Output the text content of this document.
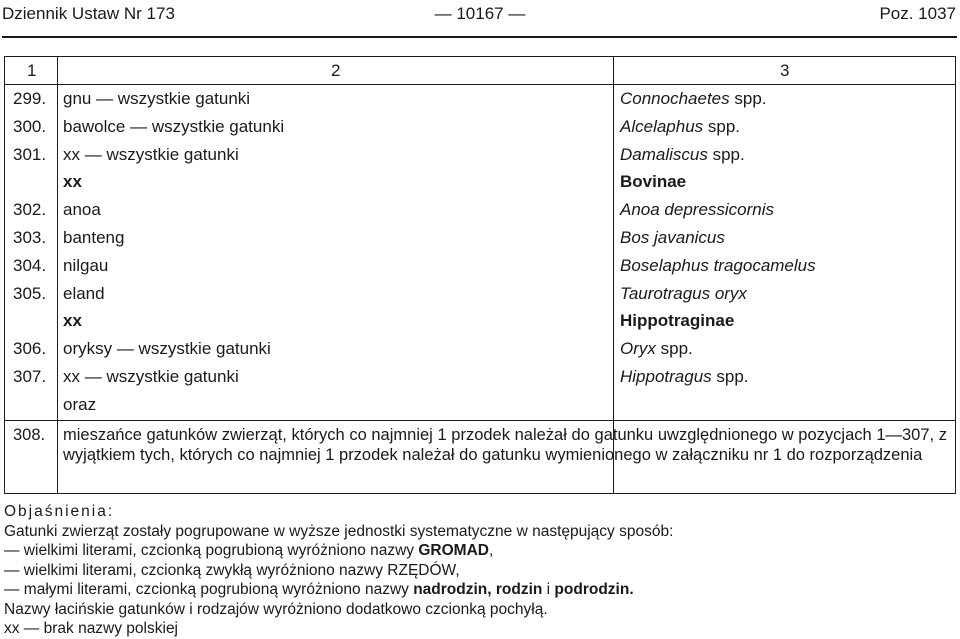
Dziennik Ustaw Nr 173	— 10167 —	Poz. 1037
1	2	3
299. gnu — wszystkie gatunki	Connochaetes spp.
300. bawolce — wszystkie gatunki	Alcelaphus spp.
301. xx — wszystkie gatunki	Damaliscus spp.
xx	Bovinae
302. anoa	Anoa depressicornis
303. banteng	Bos javanicus
304. nilgau	Boselaphus tragocamelus
305. eland	Taurotragus oryx
xx	Hippotraginae
306. oryksy — wszystkie gatunki	Oryx spp.
307. xx — wszystkie gatunki	Hippotragus spp.
oraz
308. mieszańce gatunków zwierząt, których co najmniej 1 przodek należał do gatunku uwzględnionego w pozycjach 1—307, z wyjątkiem tych, których co najmniej 1 przodek należał do gatunku wymienionego w załączniku nr 1 do rozporządzenia
Objaśnienia:
Gatunki zwierząt zostały pogrupowane w wyższe jednostki systematyczne w następujący sposób:
— wielkimi literami, czcionką pogrubioną wyróżniono nazwy GROMAD,
— wielkimi literami, czcionką zwykłą wyróżniono nazwy RZĘDÓW,
— małymi literami, czcionką pogrubioną wyróżniono nazwy nadrodzin, rodzin i podrodzin.
Nazwy łacińskie gatunków i rodzajów wyróżniono dodatkowo czcionką pochyłą.
xx — brak nazwy polskiej
